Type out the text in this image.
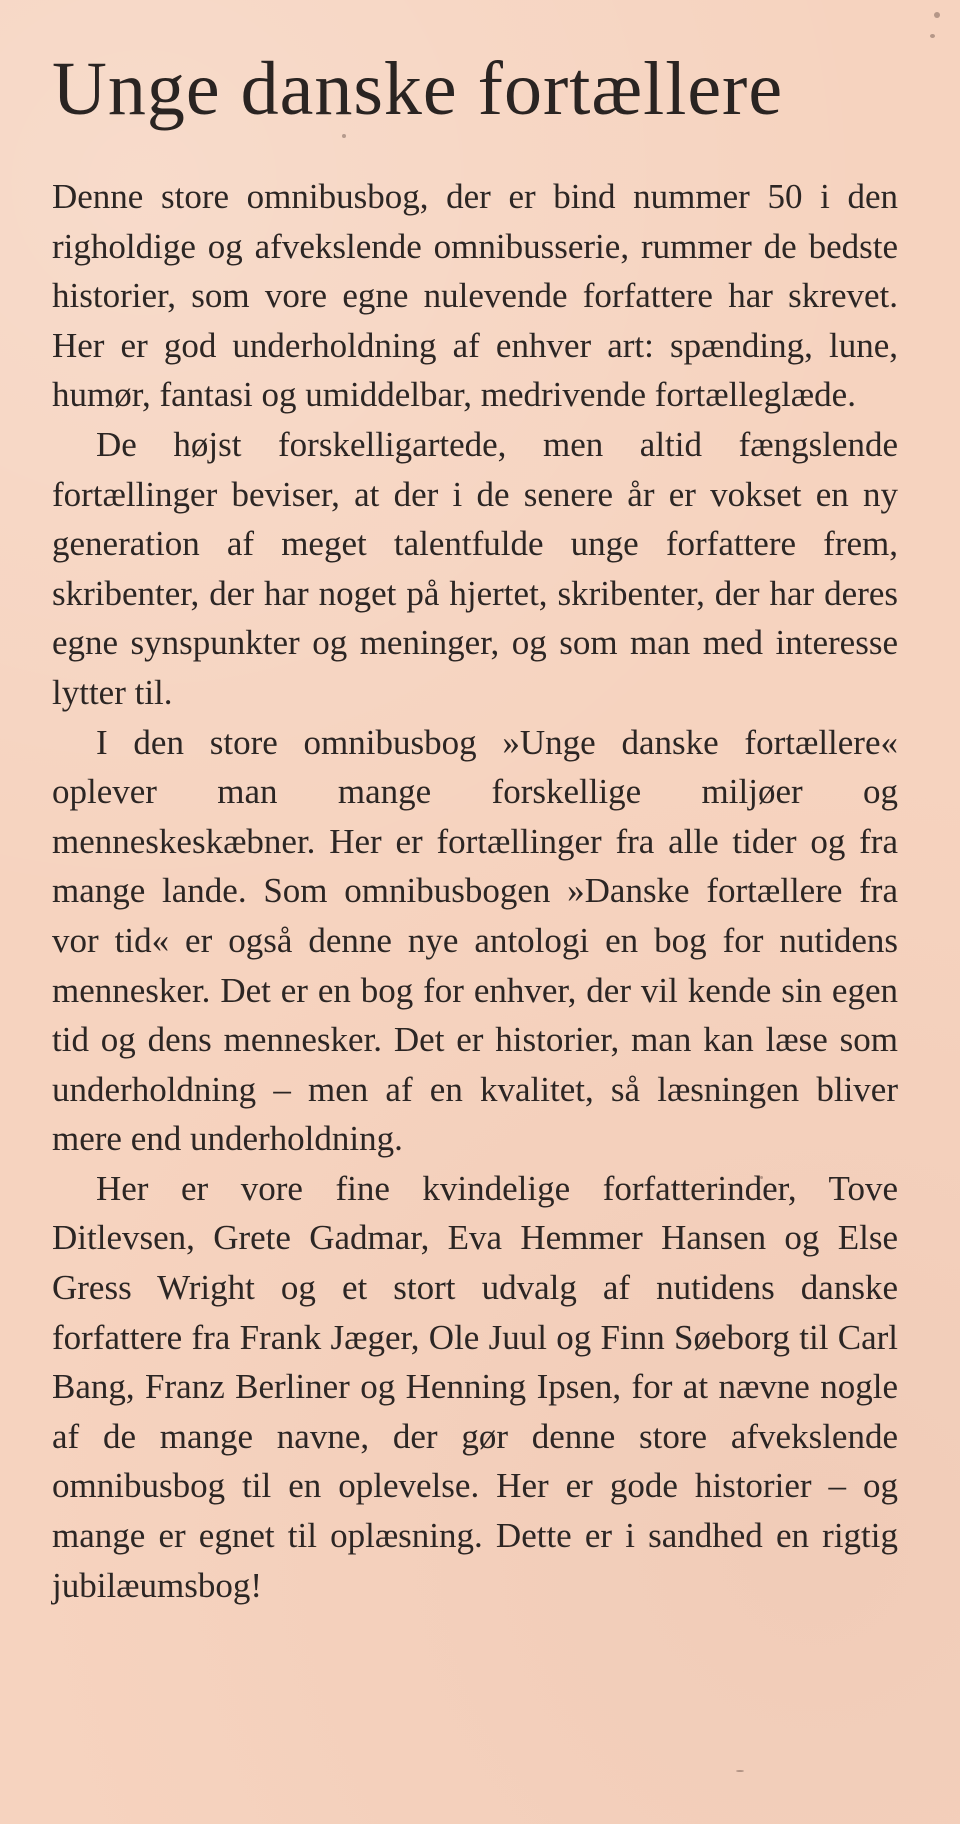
Unge danske fortællere

Denne store omnibusbog, der er bind nummer 50 i den righoldige og afvekslende omnibusserie, rummer de bedste historier, som vore egne nulevende forfattere har skrevet. Her er god underholdning af enhver art: spænding, lune, humør, fantasi og umiddelbar, medrivende fortælleglæde.

De højst forskelligartede, men altid fængslende fortællinger beviser, at der i de senere år er vokset en ny generation af meget talentfulde unge forfattere frem, skribenter, der har noget på hjertet, skribenter, der har deres egne synspunkter og meninger, og som man med interesse lytter til.

I den store omnibusbog »Unge danske fortællere« oplever man mange forskellige miljøer og menneskeskæbner. Her er fortællinger fra alle tider og fra mange lande. Som omnibusbogen »Danske fortællere fra vor tid« er også denne nye antologi en bog for nutidens mennesker. Det er en bog for enhver, der vil kende sin egen tid og dens mennesker. Det er historier, man kan læse som underholdning – men af en kvalitet, så læsningen bliver mere end underholdning.

Her er vore fine kvindelige forfatterinder, Tove Ditlevsen, Grete Gadmar, Eva Hemmer Hansen og Else Gress Wright og et stort udvalg af nutidens danske forfattere fra Frank Jæger, Ole Juul og Finn Søeborg til Carl Bang, Franz Berliner og Henning Ipsen, for at nævne nogle af de mange navne, der gør denne store afvekslende omnibusbog til en oplevelse. Her er gode historier – og mange er egnet til oplæsning. Dette er i sandhed en rigtig jubilæumsbog!
